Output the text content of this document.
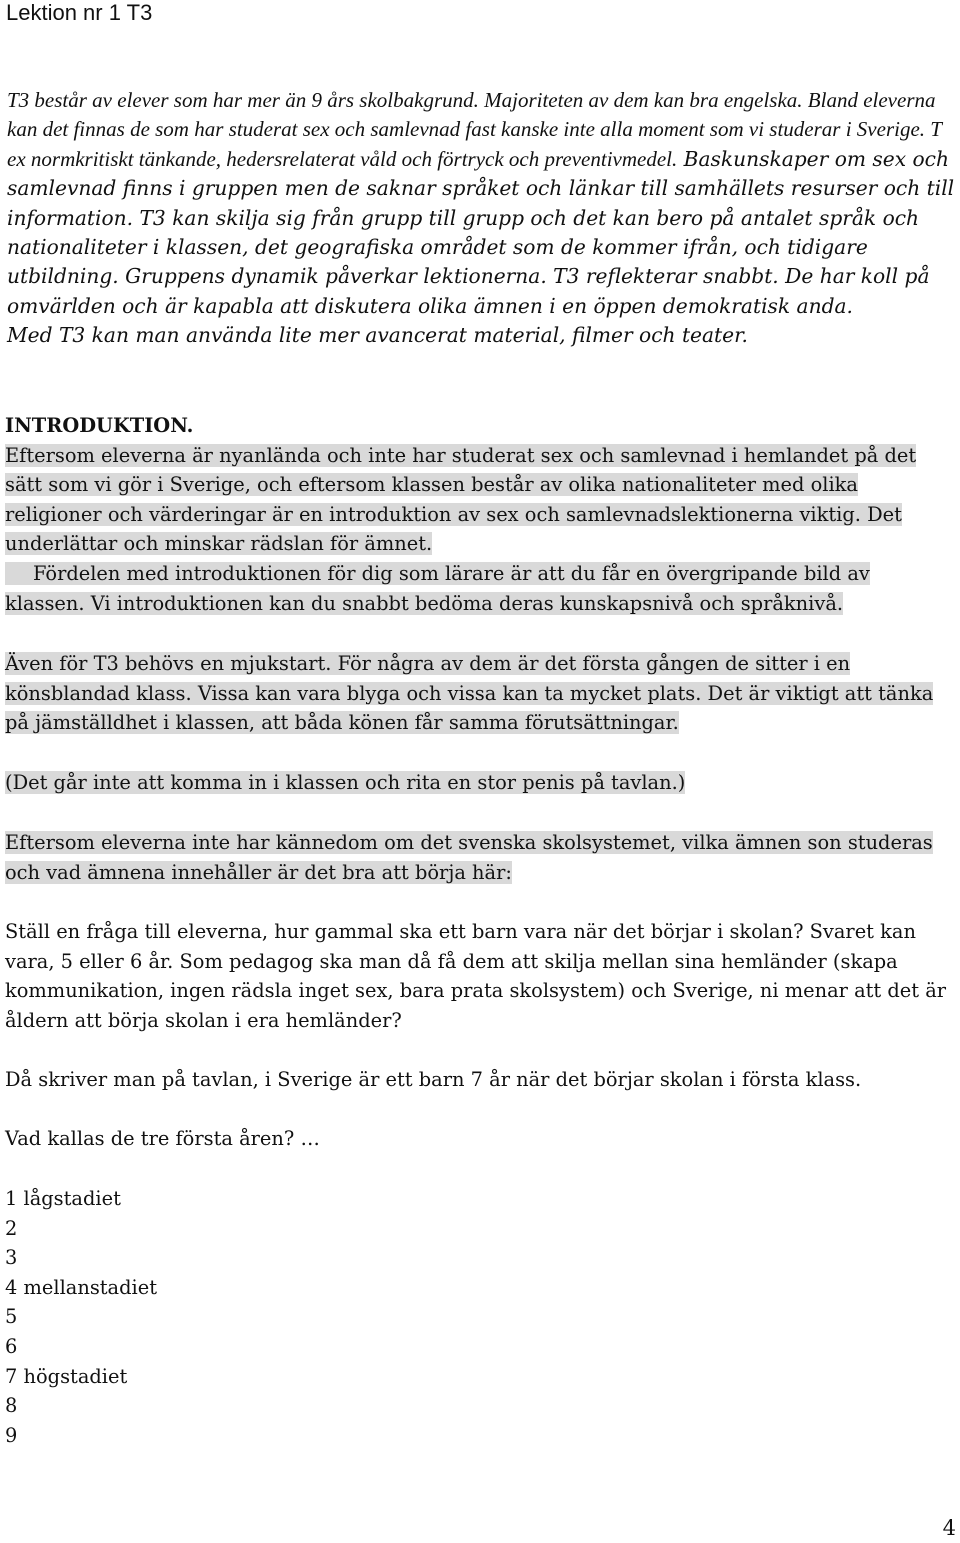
Lektion nr 1 T3
T3 består av elever som har mer än 9 års skolbakgrund. Majoriteten av dem kan bra engelska. Bland eleverna kan det finnas de som har studerat sex och samlevnad fast kanske inte alla moment som vi studerar i Sverige. T ex normkritiskt tänkande, hedersrelaterat våld och förtryck och preventivmedel. Baskunskaper om sex och samlevnad finns i gruppen men de saknar språket och länkar till samhällets resurser och till information. T3 kan skilja sig från grupp till grupp och det kan bero på antalet språk och nationaliteter i klassen, det geografiska området som de kommer ifrån, och tidigare utbildning. Gruppens dynamik påverkar lektionerna. T3 reflekterar snabbt. De har koll på omvärlden och är kapabla att diskutera olika ämnen i en öppen demokratisk anda.
Med T3 kan man använda lite mer avancerat material, filmer och teater.
INTRODUKTION.
Eftersom eleverna är nyanlända och inte har studerat sex och samlevnad i hemlandet på det sätt som vi gör i Sverige, och eftersom klassen består av olika nationaliteter med olika religioner och värderingar är en introduktion av sex och samlevnadslektionerna viktig. Det underlättar och minskar rädslan för ämnet.
Fördelen med introduktionen för dig som lärare är att du får en övergripande bild av klassen. Vi introduktionen kan du snabbt bedöma deras kunskapsnivå och språknivå.
Även för T3 behövs en mjukstart. För några av dem är det första gången de sitter i en könsblandad klass. Vissa kan vara blyga och vissa kan ta mycket plats. Det är viktigt att tänka på jämställdhet i klassen, att båda könen får samma förutsättningar.
(Det går inte att komma in i klassen och rita en stor penis på tavlan.)
Eftersom eleverna inte har kännedom om det svenska skolsystemet, vilka ämnen son studeras och vad ämnena innehåller är det bra att börja här:
Ställ en fråga till eleverna, hur gammal ska ett barn vara när det börjar i skolan? Svaret kan vara, 5 eller 6 år. Som pedagog ska man då få dem att skilja mellan sina hemländer (skapa kommunikation, ingen rädsla inget sex, bara prata skolsystem) och Sverige, ni menar att det är åldern att börja skolan i era hemländer?
Då skriver man på tavlan, i Sverige är ett barn 7 år när det börjar skolan i första klass.
Vad kallas de tre första åren? …
1 lågstadiet
2
3
4 mellanstadiet
5
6
7 högstadiet
8
9
4
